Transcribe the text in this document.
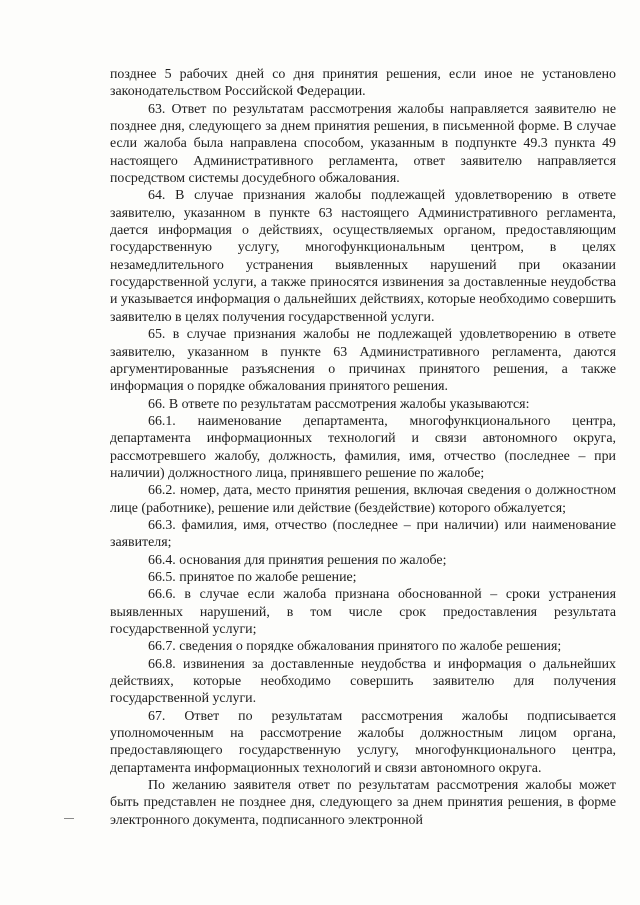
позднее 5 рабочих дней со дня принятия решения, если иное не установлено законодательством Российской Федерации.

63. Ответ по результатам рассмотрения жалобы направляется заявителю не позднее дня, следующего за днем принятия решения, в письменной форме. В случае если жалоба была направлена способом, указанным в подпункте 49.3 пункта 49 настоящего Административного регламента, ответ заявителю направляется посредством системы досудебного обжалования.

64. В случае признания жалобы подлежащей удовлетворению в ответе заявителю, указанном в пункте 63 настоящего Административного регламента, дается информация о действиях, осуществляемых органом, предоставляющим государственную услугу, многофункциональным центром, в целях незамедлительного устранения выявленных нарушений при оказании государственной услуги, а также приносятся извинения за доставленные неудобства и указывается информация о дальнейших действиях, которые необходимо совершить заявителю в целях получения государственной услуги.

65. в случае признания жалобы не подлежащей удовлетворению в ответе заявителю, указанном в пункте 63 Административного регламента, даются аргументированные разъяснения о причинах принятого решения, а также информация о порядке обжалования принятого решения.

66. В ответе по результатам рассмотрения жалобы указываются:

66.1. наименование департамента, многофункционального центра, департамента информационных технологий и связи автономного округа, рассмотревшего жалобу, должность, фамилия, имя, отчество (последнее – при наличии) должностного лица, принявшего решение по жалобе;

66.2. номер, дата, место принятия решения, включая сведения о должностном лице (работнике), решение или действие (бездействие) которого обжалуется;

66.3. фамилия, имя, отчество (последнее – при наличии) или наименование заявителя;

66.4. основания для принятия решения по жалобе;

66.5. принятое по жалобе решение;

66.6. в случае если жалоба признана обоснованной – сроки устранения выявленных нарушений, в том числе срок предоставления результата государственной услуги;

66.7. сведения о порядке обжалования принятого по жалобе решения;

66.8. извинения за доставленные неудобства и информация о дальнейших действиях, которые необходимо совершить заявителю для получения государственной услуги.

67. Ответ по результатам рассмотрения жалобы подписывается уполномоченным на рассмотрение жалобы должностным лицом органа, предоставляющего государственную услугу, многофункционального центра, департамента информационных технологий и связи автономного округа.

По желанию заявителя ответ по результатам рассмотрения жалобы может быть представлен не позднее дня, следующего за днем принятия решения, в форме электронного документа, подписанного электронной
